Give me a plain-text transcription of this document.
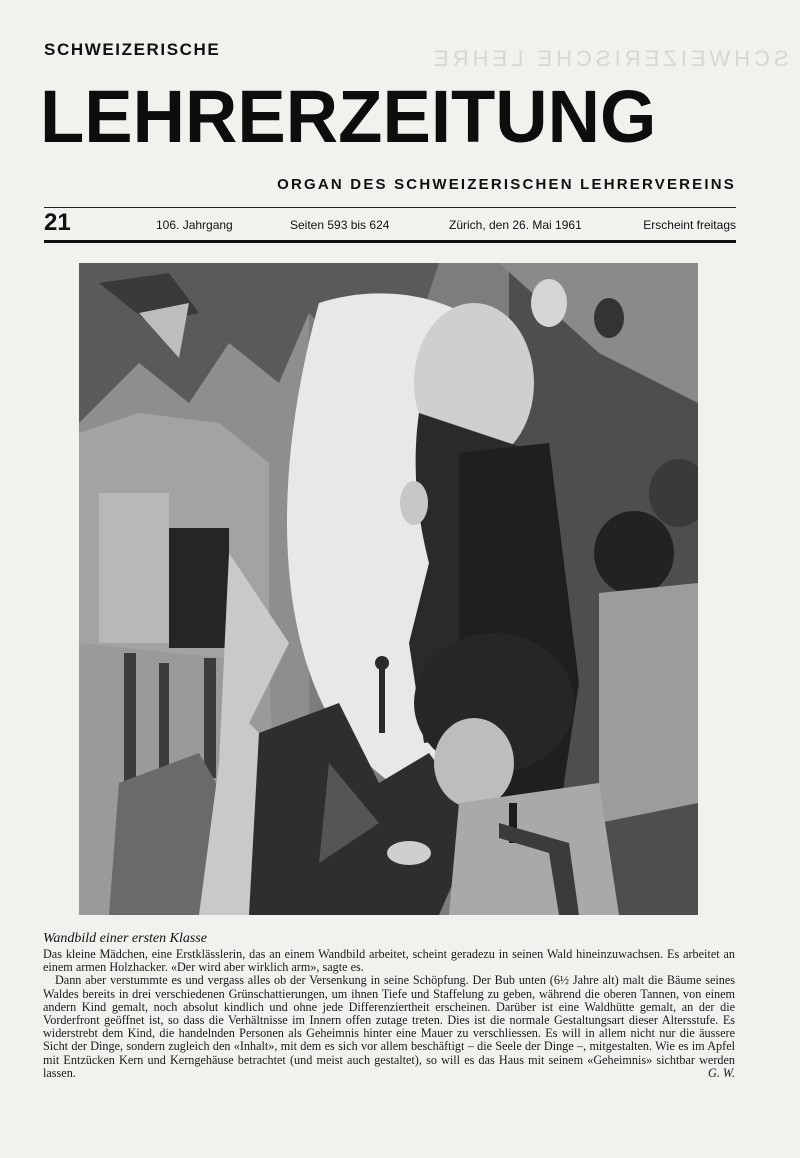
SCHWEIZERISCHE LEHRE
SCHWEIZERISCHE
LEHRERZEITUNG
ORGAN DES SCHWEIZERISCHEN LEHRERVEREINS
21	106. Jahrgang	Seiten 593 bis 624	Zürich, den 26. Mai 1961	Erscheint freitags
Wandbild einer ersten Klasse

Das kleine Mädchen, eine Erstklässlerin, das an einem Wandbild arbeitet, scheint geradezu in seinen Wald hineinzuwachsen. Es arbeitet an einem armen Holzhacker. «Der wird aber wirklich arm», sagte es.

Dann aber verstummte es und vergass alles ob der Versenkung in seine Schöpfung. Der Bub unten (6½ Jahre alt) malt die Bäume seines Waldes bereits in drei verschiedenen Grünschattierungen, um ihnen Tiefe und Staffelung zu geben, während die oberen Tannen, von einem andern Kind gemalt, noch absolut kindlich und ohne jede Differenziertheit erscheinen. Darüber ist eine Waldhütte gemalt, an der die Vorderfront geöffnet ist, so dass die Verhältnisse im Innern offen zutage treten. Dies ist die normale Gestaltungsart dieser Altersstufe. Es widerstrebt dem Kind, die handelnden Personen als Geheimnis hinter eine Mauer zu verschliessen. Es will in allem nicht nur die äussere Sicht der Dinge, sondern zugleich den «Inhalt», mit dem es sich vor allem beschäftigt – die Seele der Dinge –, mitgestalten. Wie es im Apfel mit Entzücken Kern und Kerngehäuse betrachtet (und meist auch gestaltet), so will es das Haus mit seinem «Geheimnis» sichtbar werden lassen.	G. W.
